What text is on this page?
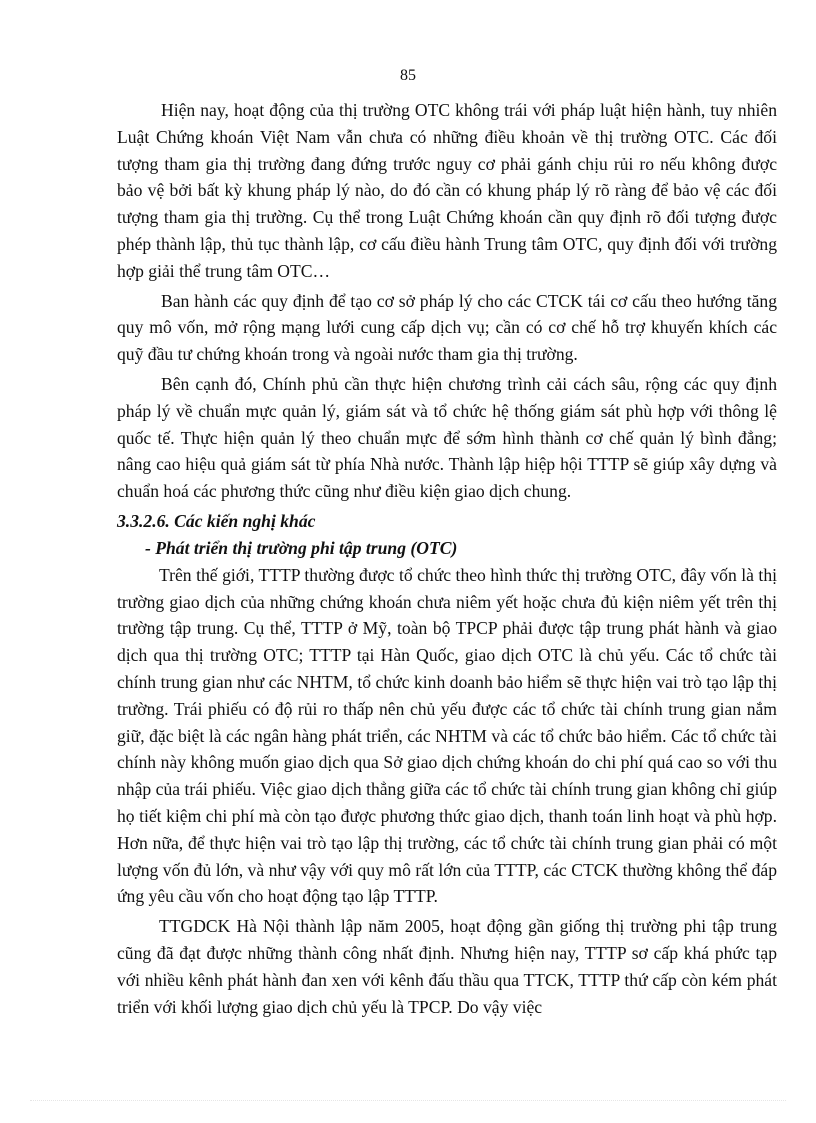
85

Hiện nay, hoạt động của thị trường OTC không trái với pháp luật hiện hành, tuy nhiên Luật Chứng khoán Việt Nam vẫn chưa có những điều khoản về thị trường OTC. Các đối tượng tham gia thị trường đang đứng trước nguy cơ phải gánh chịu rủi ro nếu không được bảo vệ bởi bất kỳ khung pháp lý nào, do đó cần có khung pháp lý rõ ràng để bảo vệ các đối tượng tham gia thị trường. Cụ thể trong Luật Chứng khoán cần quy định rõ đối tượng được phép thành lập, thủ tục thành lập, cơ cấu điều hành Trung tâm OTC, quy định đối với trường hợp giải thể trung tâm OTC…

Ban hành các quy định để tạo cơ sở pháp lý cho các CTCK tái cơ cấu theo hướng tăng quy mô vốn, mở rộng mạng lưới cung cấp dịch vụ; cần có cơ chế hỗ trợ khuyến khích các quỹ đầu tư chứng khoán trong và ngoài nước tham gia thị trường.

Bên cạnh đó, Chính phủ cần thực hiện chương trình cải cách sâu, rộng các quy định pháp lý về chuẩn mực quản lý, giám sát và tổ chức hệ thống giám sát phù hợp với thông lệ quốc tế. Thực hiện quản lý theo chuẩn mực để sớm hình thành cơ chế quản lý bình đẳng; nâng cao hiệu quả giám sát từ phía Nhà nước. Thành lập hiệp hội TTTP sẽ giúp xây dựng và chuẩn hoá các phương thức cũng như điều kiện giao dịch chung.

3.3.2.6. Các kiến nghị khác

- Phát triển thị trường phi tập trung (OTC)

Trên thế giới, TTTP thường được tổ chức theo hình thức thị trường OTC, đây vốn là thị trường giao dịch của những chứng khoán chưa niêm yết hoặc chưa đủ kiện niêm yết trên thị trường tập trung. Cụ thể, TTTP ở Mỹ, toàn bộ TPCP phải được tập trung phát hành và giao dịch qua thị trường OTC; TTTP tại Hàn Quốc, giao dịch OTC là chủ yếu. Các tổ chức tài chính trung gian như các NHTM, tổ chức kinh doanh bảo hiểm sẽ thực hiện vai trò tạo lập thị trường. Trái phiếu có độ rủi ro thấp nên chủ yếu được các tổ chức tài chính trung gian nắm giữ, đặc biệt là các ngân hàng phát triển, các NHTM và các tổ chức bảo hiểm. Các tổ chức tài chính này không muốn giao dịch qua Sở giao dịch chứng khoán do chi phí quá cao so với thu nhập của trái phiếu. Việc giao dịch thẳng giữa các tổ chức tài chính trung gian không chỉ giúp họ tiết kiệm chi phí mà còn tạo được phương thức giao dịch, thanh toán linh hoạt và phù hợp. Hơn nữa, để thực hiện vai trò tạo lập thị trường, các tổ chức tài chính trung gian phải có một lượng vốn đủ lớn, và như vậy với quy mô rất lớn của TTTP, các CTCK thường không thể đáp ứng yêu cầu vốn cho hoạt động tạo lập TTTP.

TTGDCK Hà Nội thành lập năm 2005, hoạt động gần giống thị trường phi tập trung cũng đã đạt được những thành công nhất định. Nhưng hiện nay, TTTP sơ cấp khá phức tạp với nhiều kênh phát hành đan xen với kênh đấu thầu qua TTCK, TTTP thứ cấp còn kém phát triển với khối lượng giao dịch chủ yếu là TPCP. Do vậy việc
